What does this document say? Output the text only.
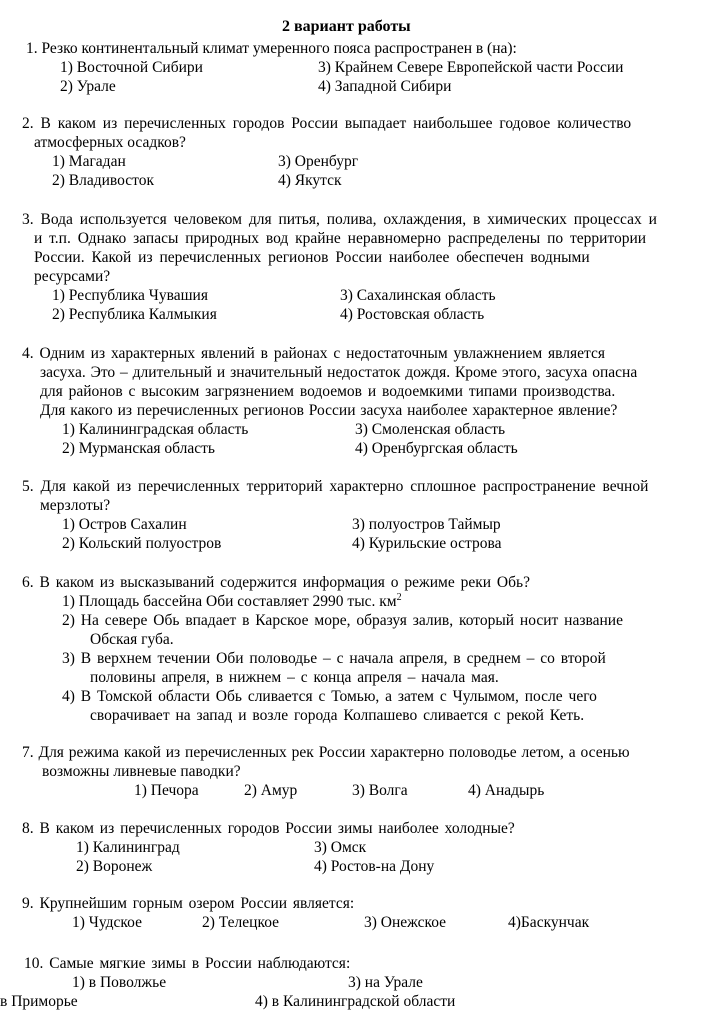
2 вариант работы
1. Резко континентальный климат умеренного пояса распространен в (на):
1) Восточной Сибири	3) Крайнем Севере Европейской части России
2) Урале	4) Западной Сибири
2. В каком из перечисленных городов России выпадает наибольшее годовое количество
атмосферных осадков?
1) Магадан	3) Оренбург
2) Владивосток	4) Якутск
3. Вода используется человеком для питья, полива, охлаждения, в химических процессах и
и т.п. Однако запасы природных вод крайне неравномерно распределены по территории
России. Какой из перечисленных регионов России наиболее обеспечен водными
ресурсами?
1) Республика Чувашия	3) Сахалинская область
2) Республика Калмыкия	4) Ростовская область
4. Одним из характерных явлений в районах с недостаточным увлажнением является
засуха. Это – длительный и значительный недостаток дождя. Кроме этого, засуха опасна
для районов с высоким загрязнением водоемов и водоемкими типами производства.
Для какого из перечисленных регионов России засуха наиболее характерное явление?
1) Калининградская область	3) Смоленская область
2) Мурманская область	4) Оренбургская область
5. Для какой из перечисленных территорий характерно сплошное распространение вечной
мерзлоты?
1) Остров Сахалин	3) полуостров Таймыр
2) Кольский полуостров	4) Курильские острова
6. В каком из высказываний содержится информация о режиме реки Обь?
1) Площадь бассейна Оби составляет 2990 тыс. $км^2$
2) На севере Обь впадает в Карское море, образуя залив, который носит название
Обская губа.
3) В верхнем течении Оби половодье – с начала апреля, в среднем – со второй
половины апреля, в нижнем – с конца апреля – начала мая.
4) В Томской области Обь сливается с Томью, а затем с Чулымом, после чего
сворачивает на запад и возле города Колпашево сливается с рекой Кеть.
7. Для режима какой из перечисленных рек России характерно половодье летом, а осенью
возможны ливневые паводки?
1) Печора	2) Амур	3) Волга	4) Анадырь
8. В каком из перечисленных городов России зимы наиболее холодные?
1) Калининград	3) Омск
2) Воронеж	4) Ростов-на Дону
9. Крупнейшим горным озером России является:
1) Чудское	2) Телецкое	3) Онежское	4)Баскунчак
10. Самые мягкие зимы в России наблюдаются:
1) в Поволжье	3) на Урале
в Приморье	4) в Калининградской области
